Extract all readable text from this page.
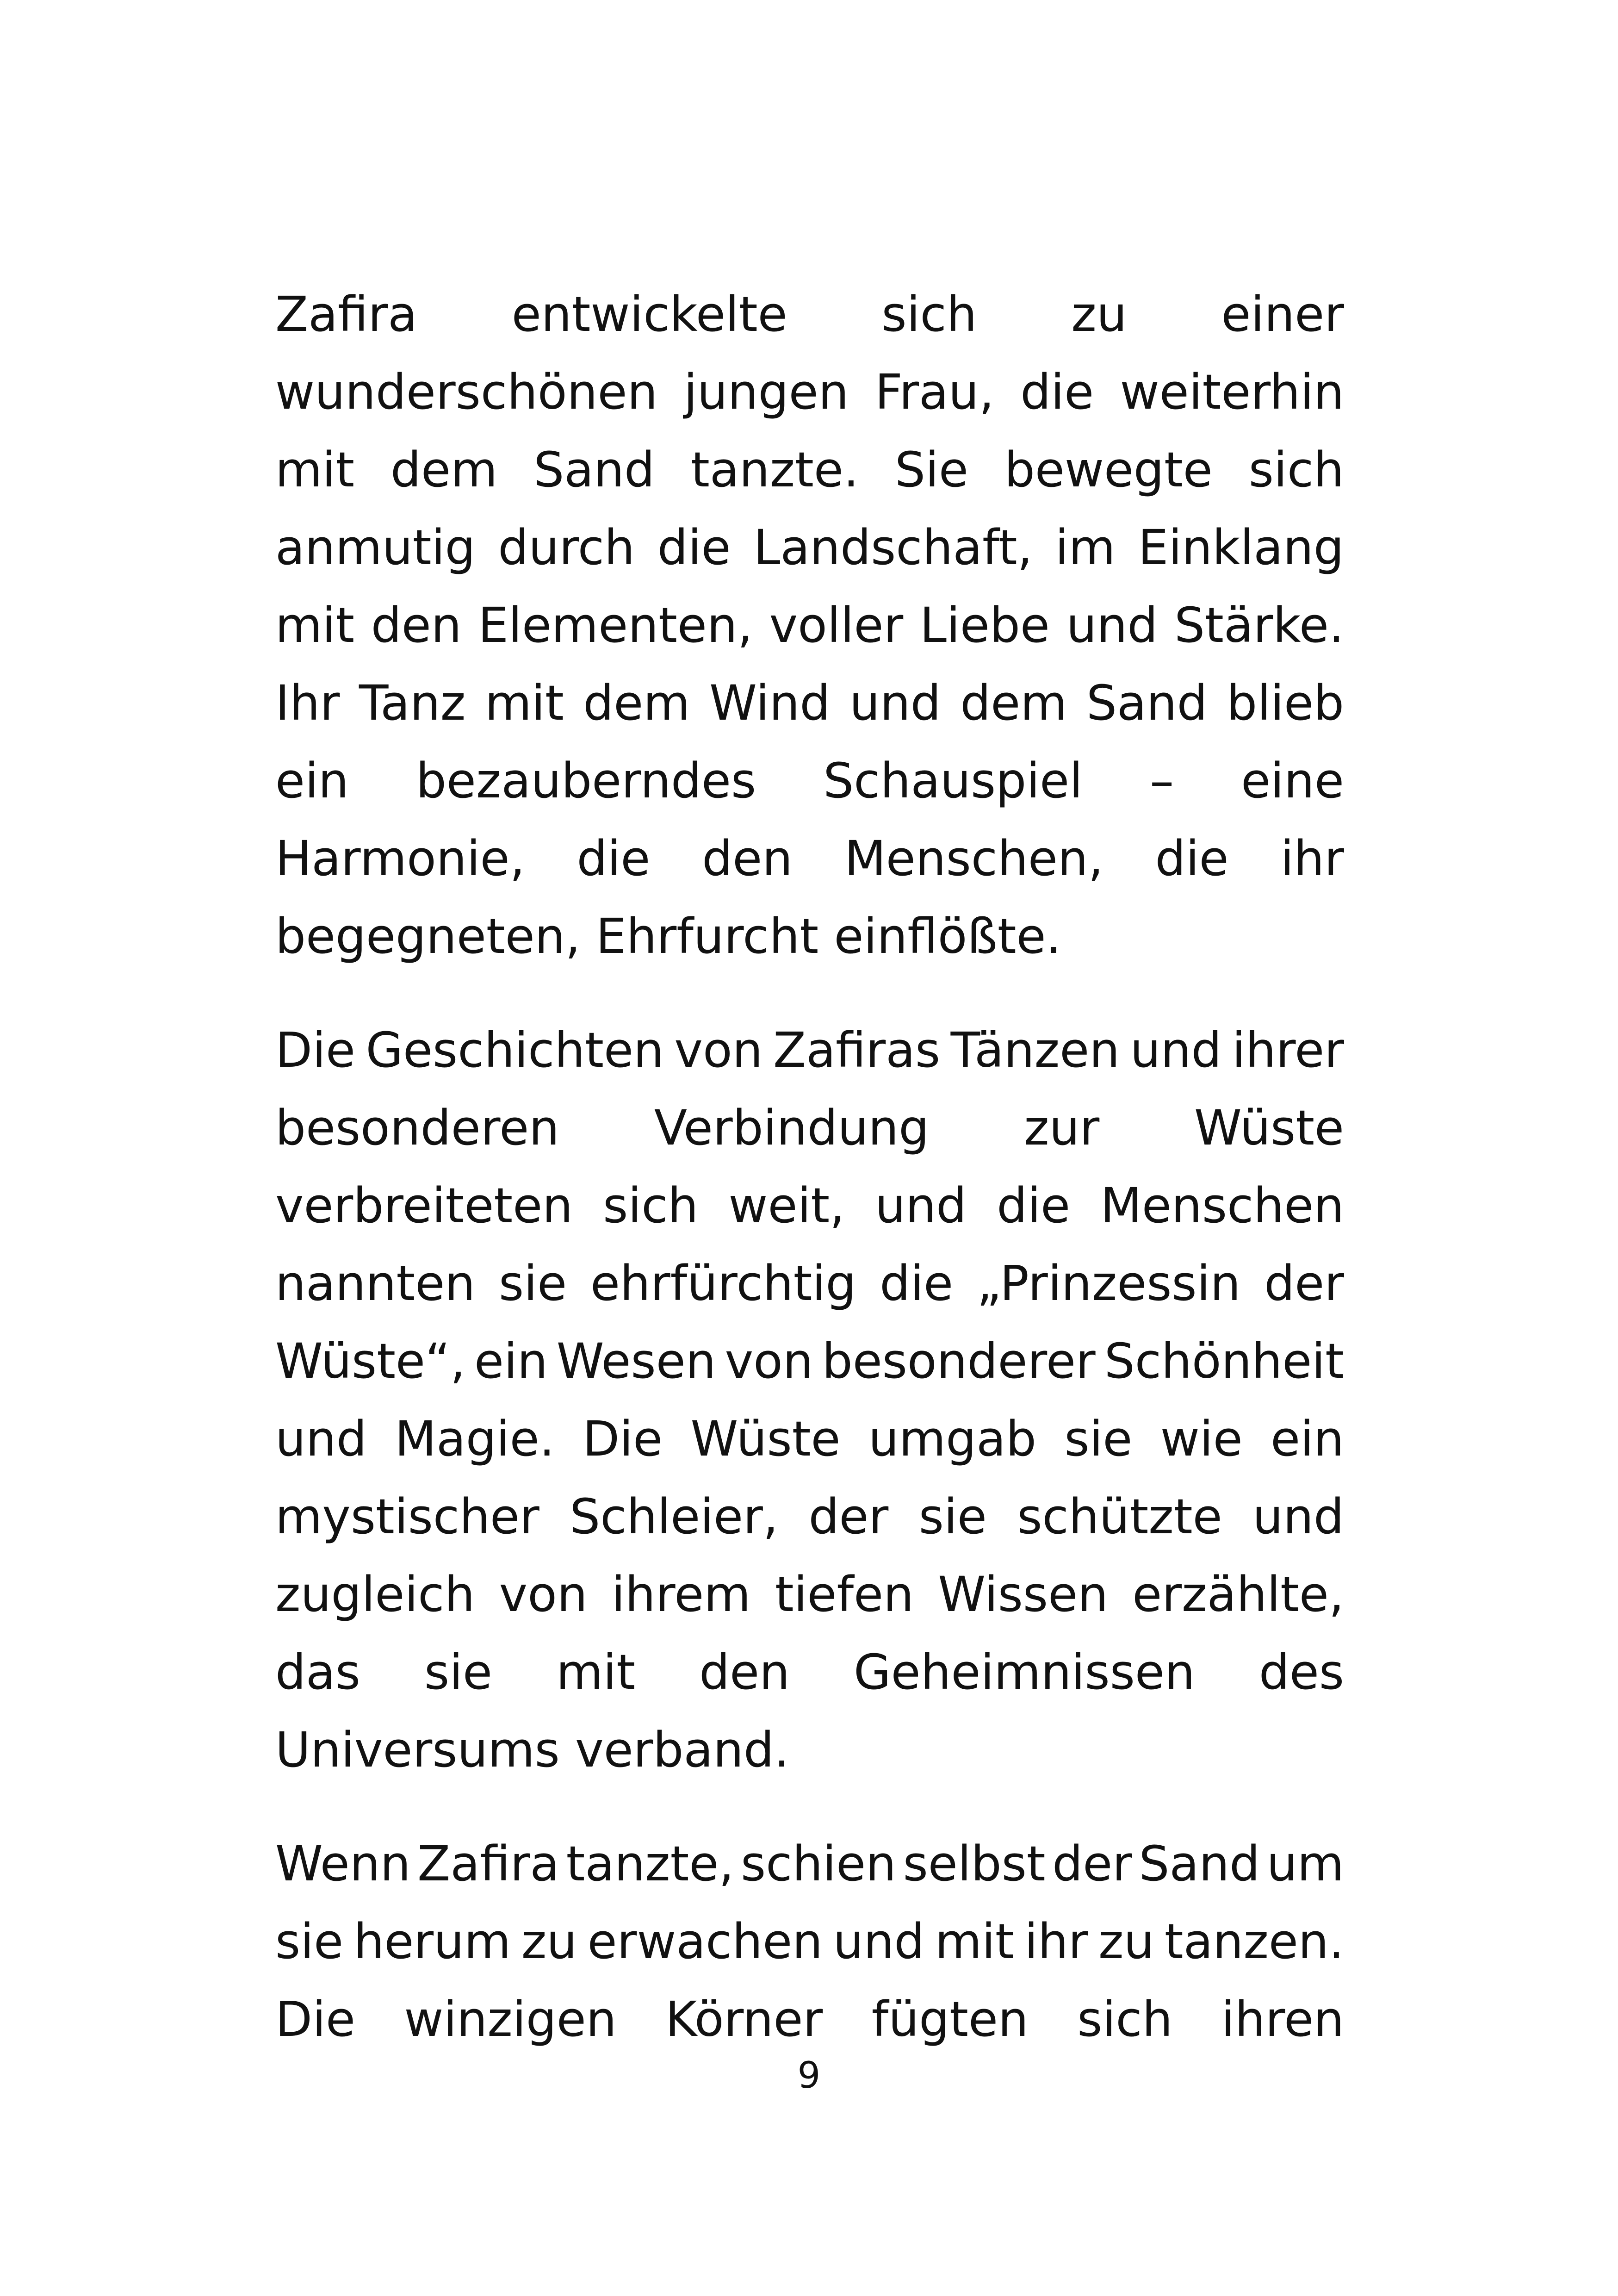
Zafira entwickelte sich zu einer
wunderschönen jungen Frau, die weiterhin
mit dem Sand tanzte. Sie bewegte sich
anmutig durch die Landschaft, im Einklang
mit den Elementen, voller Liebe und Stärke.
Ihr Tanz mit dem Wind und dem Sand blieb
ein bezauberndes Schauspiel – eine
Harmonie, die den Menschen, die ihr
begegneten, Ehrfurcht einflößte.
Die Geschichten von Zafiras Tänzen und ihrer
besonderen Verbindung zur Wüste
verbreiteten sich weit, und die Menschen
nannten sie ehrfürchtig die „Prinzessin der
Wüste“, ein Wesen von besonderer Schönheit
und Magie. Die Wüste umgab sie wie ein
mystischer Schleier, der sie schützte und
zugleich von ihrem tiefen Wissen erzählte,
das sie mit den Geheimnissen des
Universums verband.
Wenn Zafira tanzte, schien selbst der Sand um
sie herum zu erwachen und mit ihr zu tanzen.
Die winzigen Körner fügten sich ihren
9
